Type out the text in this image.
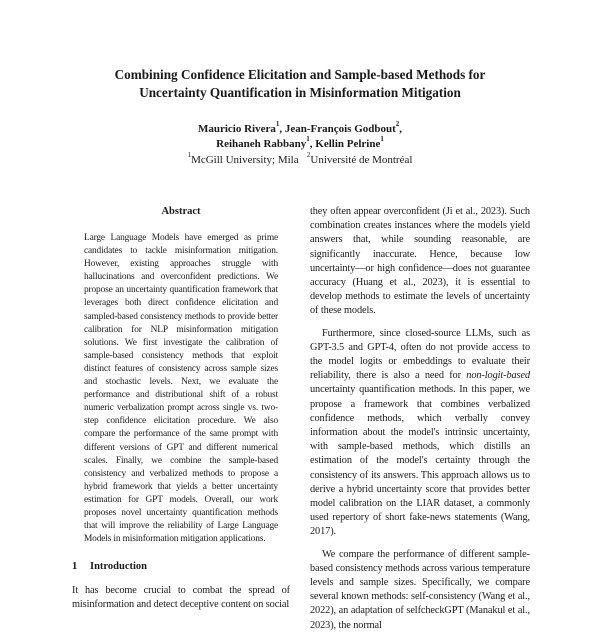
Combining Confidence Elicitation and Sample-based Methods for
Uncertainty Quantification in Misinformation Mitigation
Mauricio Rivera$^1$, Jean-François Godbout$^2$,
Reihaneh Rabbany$^1$, Kellin Pelrine$^1$
$^1$McGill University; Mila $^2$Université de Montréal
Abstract

Large Language Models have emerged as prime candidates to tackle misinformation mitigation. However, existing approaches struggle with hallucinations and overconfident predictions. We propose an uncertainty quantification framework that leverages both direct confidence elicitation and sampled-based consistency methods to provide better calibration for NLP misinformation mitigation solutions. We first investigate the calibration of sample-based consistency methods that exploit distinct features of consistency across sample sizes and stochastic levels. Next, we evaluate the performance and distributional shift of a robust numeric verbalization prompt across single vs. two-step confidence elicitation procedure. We also compare the performance of the same prompt with different versions of GPT and different numerical scales. Finally, we combine the sample-based consistency and verbalized methods to propose a hybrid framework that yields a better uncertainty estimation for GPT models. Overall, our work proposes novel uncertainty quantification methods that will improve the reliability of Large Language Models in misinformation mitigation applications.

1 Introduction

It has become crucial to combat the spread of misinformation and detect deceptive content on social

they often appear overconfident (Ji et al., 2023). Such combination creates instances where the models yield answers that, while sounding reasonable, are significantly inaccurate. Hence, because low uncertainty—or high confidence—does not guarantee accuracy (Huang et al., 2023), it is essential to develop methods to estimate the levels of uncertainty of these models.

Furthermore, since closed-source LLMs, such as GPT-3.5 and GPT-4, often do not provide access to the model logits or embeddings to evaluate their reliability, there is also a need for non-logit-based uncertainty quantification methods. In this paper, we propose a framework that combines verbalized confidence methods, which verbally convey information about the model's intrinsic uncertainty, with sample-based methods, which distills an estimation of the model's certainty through the consistency of its answers. This approach allows us to derive a hybrid uncertainty score that provides better model calibration on the LIAR dataset, a commonly used repertory of short fake-news statements (Wang, 2017).

We compare the performance of different sample-based consistency methods across various temperature levels and sample sizes. Specifically, we compare several known methods: self-consistency (Wang et al., 2022), an adaptation of selfcheckGPT (Manakul et al., 2023), the normal
